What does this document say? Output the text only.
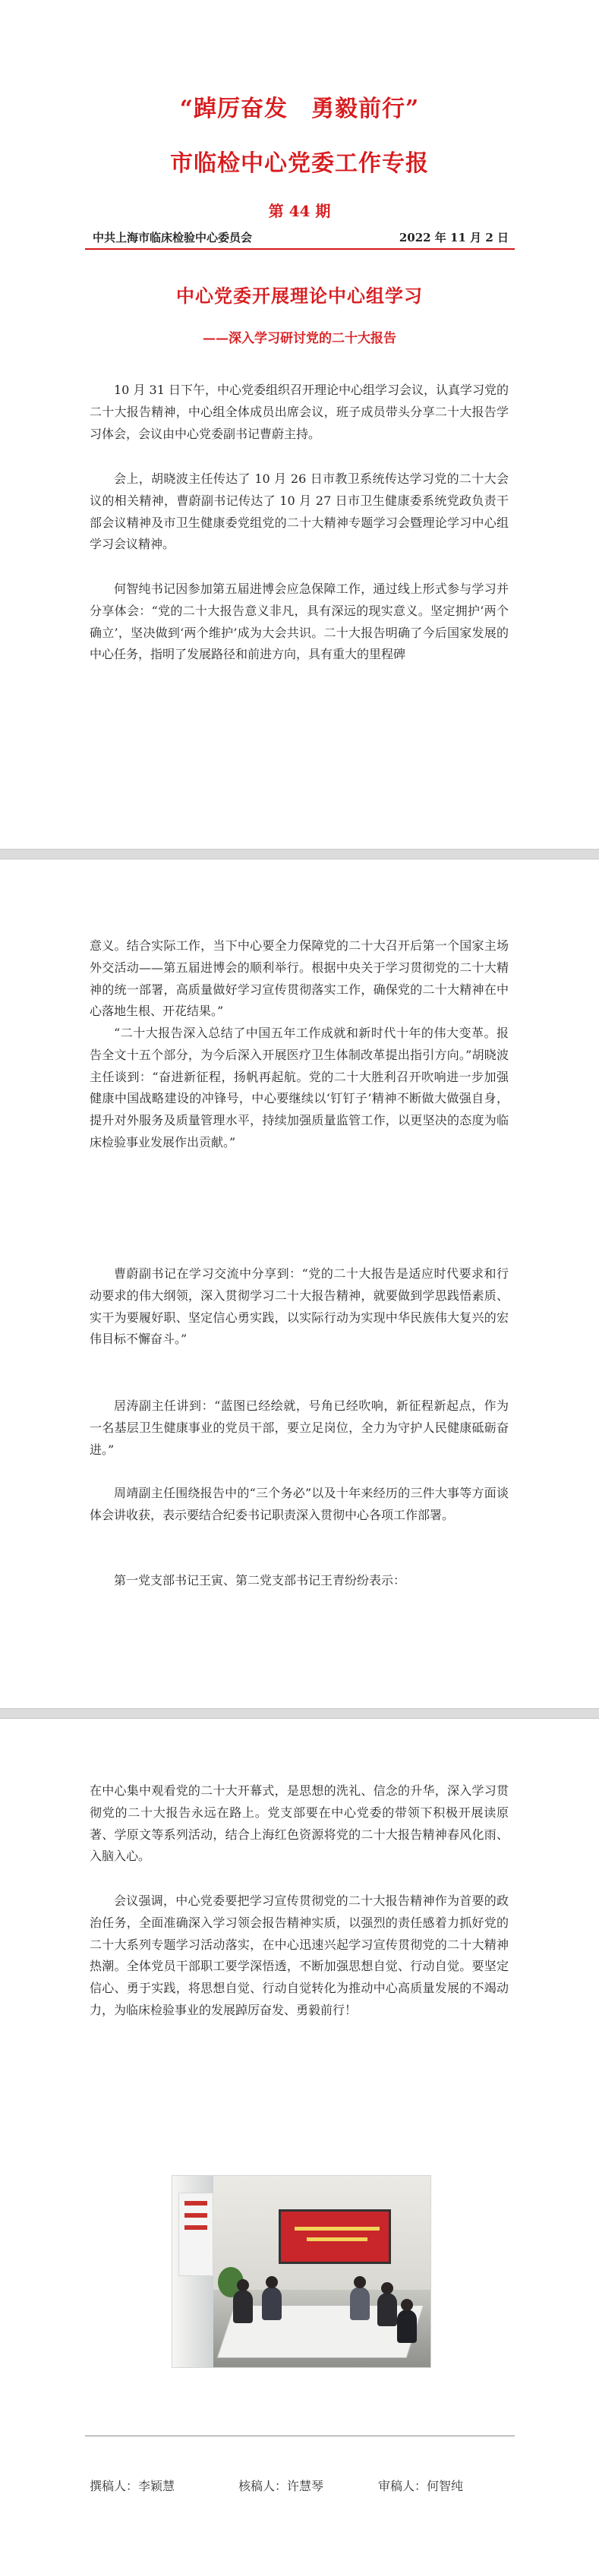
“踔厉奋发　勇毅前行”
市临检中心党委工作专报
第 44 期
中共上海市临床检验中心委员会	2022 年 11 月 2 日
中心党委开展理论中心组学习
——深入学习研讨党的二十大报告

10 月 31 日下午，中心党委组织召开理论中心组学习会议，认真学习党的二十大报告精神，中心组全体成员出席会议，班子成员带头分享二十大报告学习体会，会议由中心党委副书记曹蔚主持。

会上，胡晓波主任传达了 10 月 26 日市教卫系统传达学习党的二十大会议的相关精神，曹蔚副书记传达了 10 月 27 日市卫生健康委系统党政负责干部会议精神及市卫生健康委党组党的二十大精神专题学习会暨理论学习中心组学习会议精神。

何智纯书记因参加第五届进博会应急保障工作，通过线上形式参与学习并分享体会：“党的二十大报告意义非凡，具有深远的现实意义。坚定拥护‘两个确立’，坚决做到‘两个维护’成为大会共识。二十大报告明确了今后国家发展的中心任务，指明了发展路径和前进方向，具有重大的里程碑

意义。结合实际工作，当下中心要全力保障党的二十大召开后第一个国家主场外交活动——第五届进博会的顺利举行。根据中央关于学习贯彻党的二十大精神的统一部署，高质量做好学习宣传贯彻落实工作，确保党的二十大精神在中心落地生根、开花结果。”

“二十大报告深入总结了中国五年工作成就和新时代十年的伟大变革。报告全文十五个部分，为今后深入开展医疗卫生体制改革提出指引方向。”胡晓波主任谈到：“奋进新征程，扬帆再起航。党的二十大胜利召开吹响进一步加强健康中国战略建设的冲锋号，中心要继续以‘钉钉子’精神不断做大做强自身，提升对外服务及质量管理水平，持续加强质量监管工作，以更坚决的态度为临床检验事业发展作出贡献。”

曹蔚副书记在学习交流中分享到：“党的二十大报告是适应时代要求和行动要求的伟大纲领，深入贯彻学习二十大报告精神，就要做到学思践悟素质、实干为要履好职、坚定信心勇实践，以实际行动为实现中华民族伟大复兴的宏伟目标不懈奋斗。”

居涛副主任讲到：“蓝图已经绘就，号角已经吹响，新征程新起点，作为一名基层卫生健康事业的党员干部，要立足岗位，全力为守护人民健康砥砺奋进。”

周靖副主任围绕报告中的“三个务必”以及十年来经历的三件大事等方面谈体会讲收获，表示要结合纪委书记职责深入贯彻中心各项工作部署。

第一党支部书记王寅、第二党支部书记王青纷纷表示：

在中心集中观看党的二十大开幕式，是思想的洗礼、信念的升华，深入学习贯彻党的二十大报告永远在路上。党支部要在中心党委的带领下积极开展读原著、学原文等系列活动，结合上海红色资源将党的二十大报告精神春风化雨、入脑入心。

会议强调，中心党委要把学习宣传贯彻党的二十大报告精神作为首要的政治任务，全面准确深入学习领会报告精神实质，以强烈的责任感着力抓好党的二十大系列专题学习活动落实，在中心迅速兴起学习宣传贯彻党的二十大精神热潮。全体党员干部职工要学深悟透，不断加强思想自觉、行动自觉。要坚定信心、勇于实践，将思想自觉、行动自觉转化为推动中心高质量发展的不竭动力，为临床检验事业的发展踔厉奋发、勇毅前行！

撰稿人：李颖慧	核稿人：许慧琴	审稿人：何智纯
